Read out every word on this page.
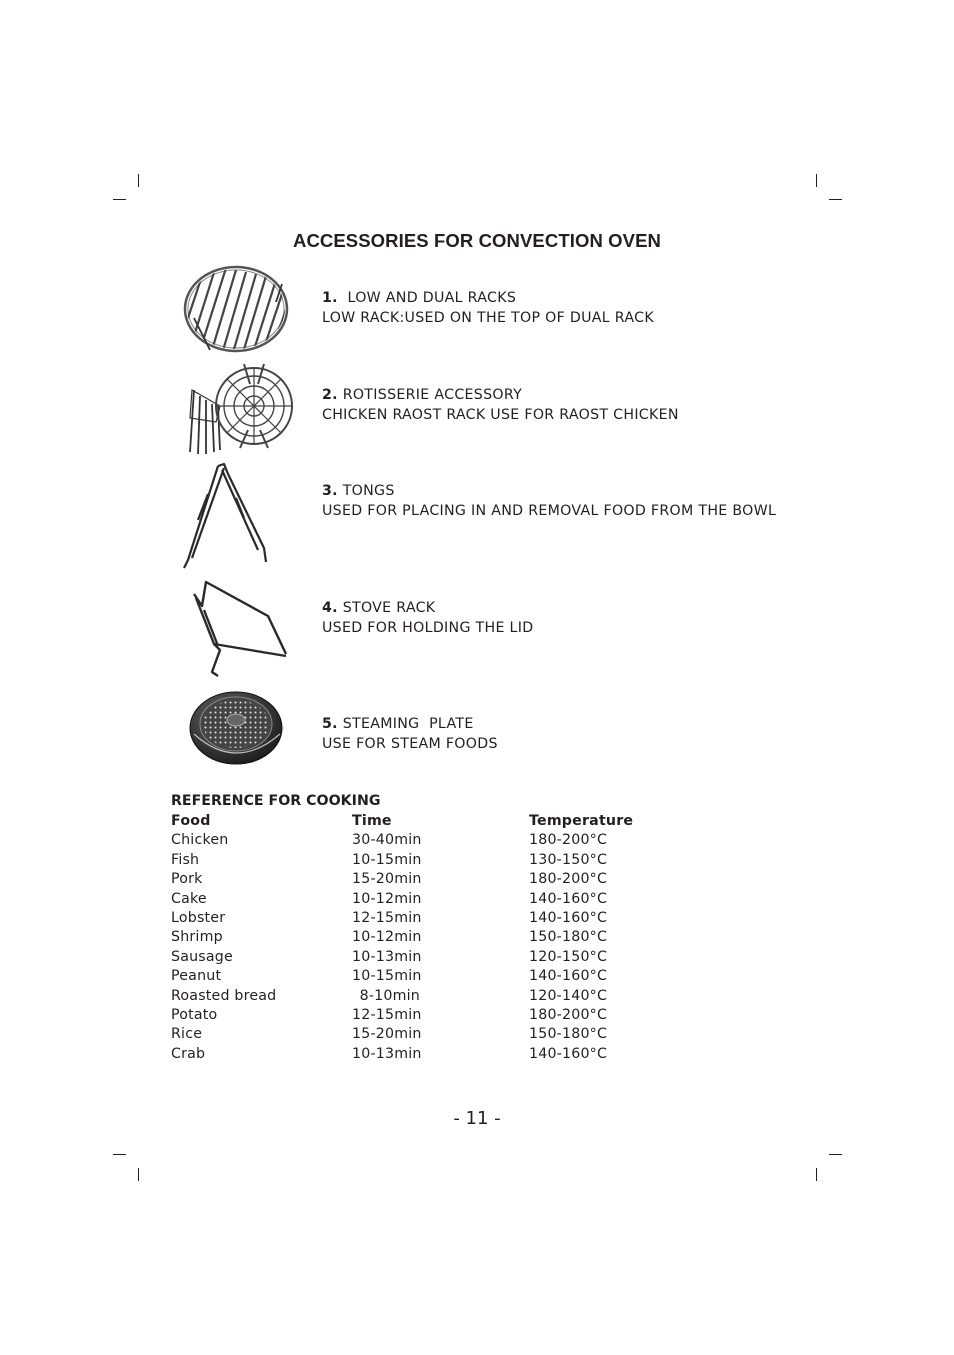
ACCESSORIES FOR CONVECTION OVEN
1. LOW AND DUAL RACKS
LOW RACK:USED ON THE TOP OF DUAL RACK
2. ROTISSERIE ACCESSORY
CHICKEN RAOST RACK USE FOR RAOST CHICKEN
3. TONGS
USED FOR PLACING IN AND REMOVAL FOOD FROM THE BOWL
4. STOVE RACK
USED FOR HOLDING THE LID
5. STEAMING  PLATE
USE FOR STEAM FOODS
REFERENCE FOR COOKING
Food	Time	Temperature
Chicken	30-40min	180-200°C
Fish	10-15min	130-150°C
Pork	15-20min	180-200°C
Cake	10-12min	140-160°C
Lobster	12-15min	140-160°C
Shrimp	10-12min	150-180°C
Sausage	10-13min	120-150°C
Peanut	10-15min	140-160°C
Roasted bread	8-10min	120-140°C
Potato	12-15min	180-200°C
Rice	15-20min	150-180°C
Crab	10-13min	140-160°C
- 11 -
